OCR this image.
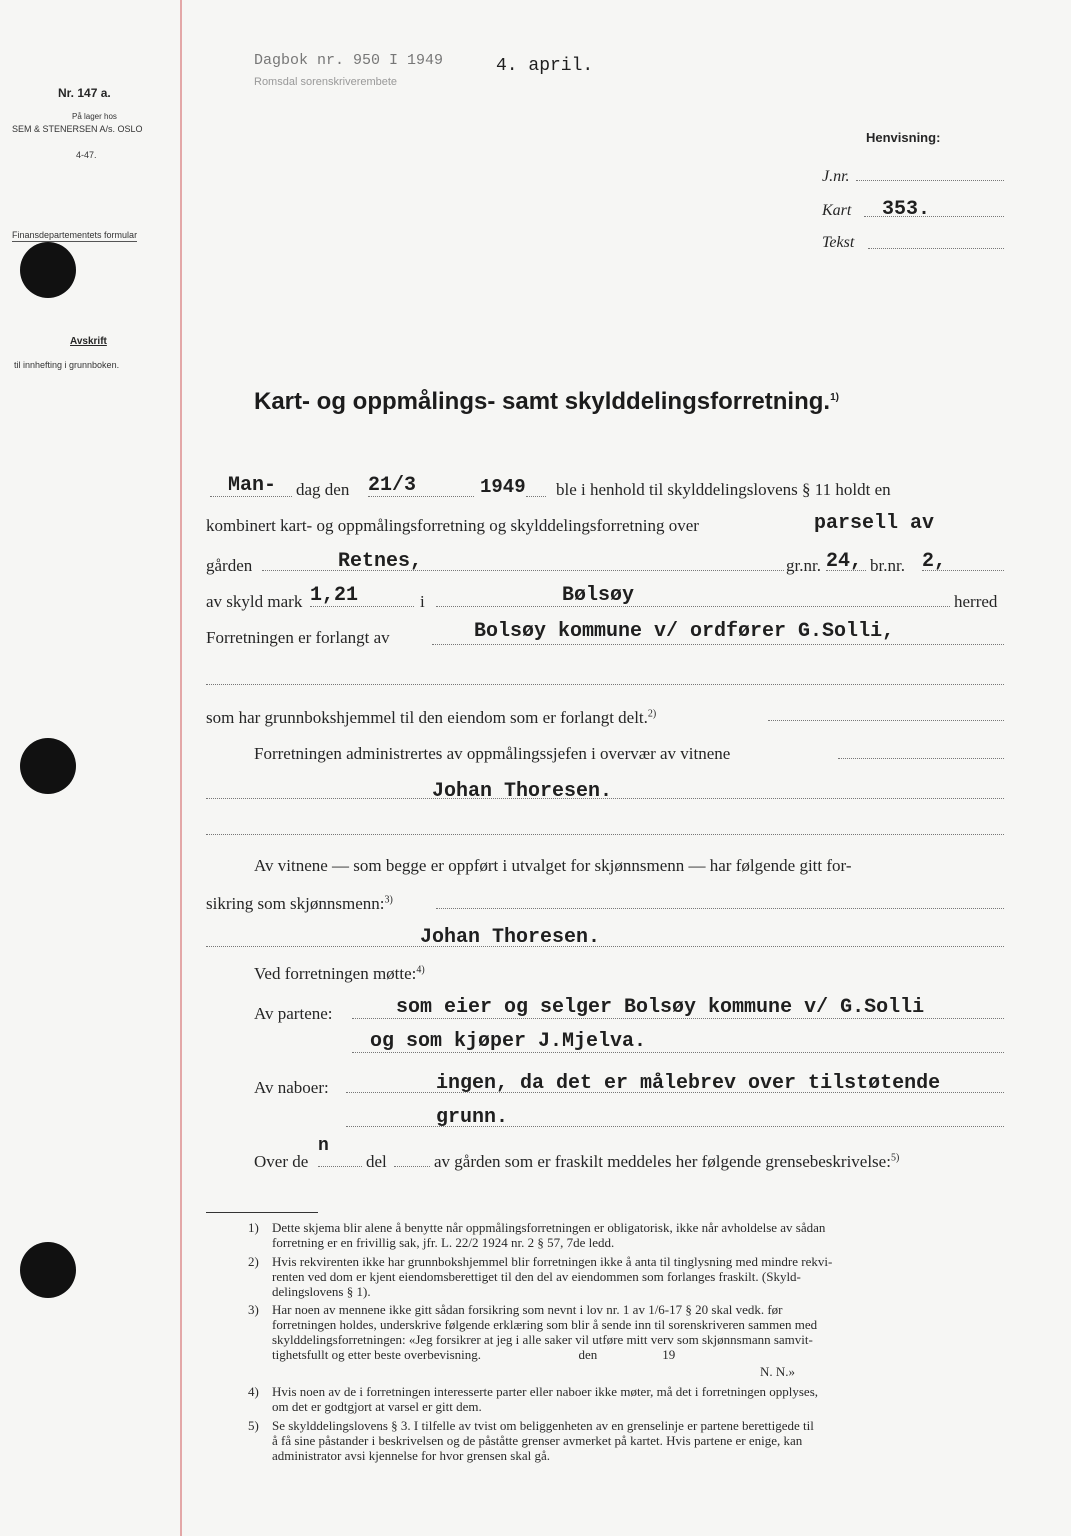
Nr. 147 a.
På lager hos
SEM & STENERSEN A/s. OSLO
4-47.
Finansdepartementets formular
Avskrift
til innhefting i grunnboken.
Dagbok nr. 950 I 1949
Romsdal sorenskriverembete
4. april.
Henvisning:
J.nr.
Kart 353.
Tekst
Kart- og oppmålings- samt skylddelingsforretning.$^{1)}$
Man- dag den 21/3	1949 ble i henhold til skylddelingslovens § 11 holdt en
kombinert kart- og oppmålingsforretning og skylddelingsforretning over	parsell av
gården	Retnes,	gr.nr. 24, br.nr. 2,
av skyld mark 1,21	i	Bølsøy	herred
Forretningen er forlangt av	Bolsøy kommune v/ ordfører G.Solli,
som har grunnbokshjemmel til den eiendom som er forlangt delt.$^{2)}$
Forretningen administrertes av oppmålingssjefen i overvær av vitnene
Johan Thoresen.
Av vitnene — som begge er oppført i utvalget for skjønnsmenn — har følgende gitt for-
sikring som skjønnsmenn:$^{3)}$
Johan Thoresen.
Ved forretningen møtte:$^{4)}$
Av partene:	som eier og selger Bolsøy kommune v/ G.Solli
og som kjøper J.Mjelva.
Av naboer:	ingen, da det er målebrev over tilstøtende
grunn.
Over de
n
del	av gården som er fraskilt meddeles her følgende grensebeskrivelse:$^{5)}$
1) Dette skjema blir alene å benytte når oppmålingsforretningen er obligatorisk, ikke når avholdelse av sådan
forretning er en frivillig sak, jfr. L. 22/2 1924 nr. 2 § 57, 7de ledd.
2) Hvis rekvirenten ikke har grunnbokshjemmel blir forretningen ikke å anta til tinglysning med mindre rekvi-
renten ved dom er kjent eiendomsberettiget til den del av eiendommen som forlanges fraskilt. (Skyld-
delingslovens § 1).
3) Har noen av mennene ikke gitt sådan forsikring som nevnt i lov nr. 1 av 1/6-17 § 20 skal vedk. før
forretningen holdes, underskrive følgende erklæring som blir å sende inn til sorenskriveren sammen med
skylddelingsforretningen: «Jeg forsikrer at jeg i alle saker vil utføre mitt verv som skjønnsmann samvit-
tighetsfullt og etter beste overbevisning.                              den                    19
N. N.»
4) Hvis noen av de i forretningen interesserte parter eller naboer ikke møter, må det i forretningen opplyses,
om det er godtgjort at varsel er gitt dem.
5) Se skylddelingslovens § 3. I tilfelle av tvist om beliggenheten av en grenselinje er partene berettigede til
å få sine påstander i beskrivelsen og de påståtte grenser avmerket på kartet. Hvis partene er enige, kan
administrator avsi kjennelse for hvor grensen skal gå.
